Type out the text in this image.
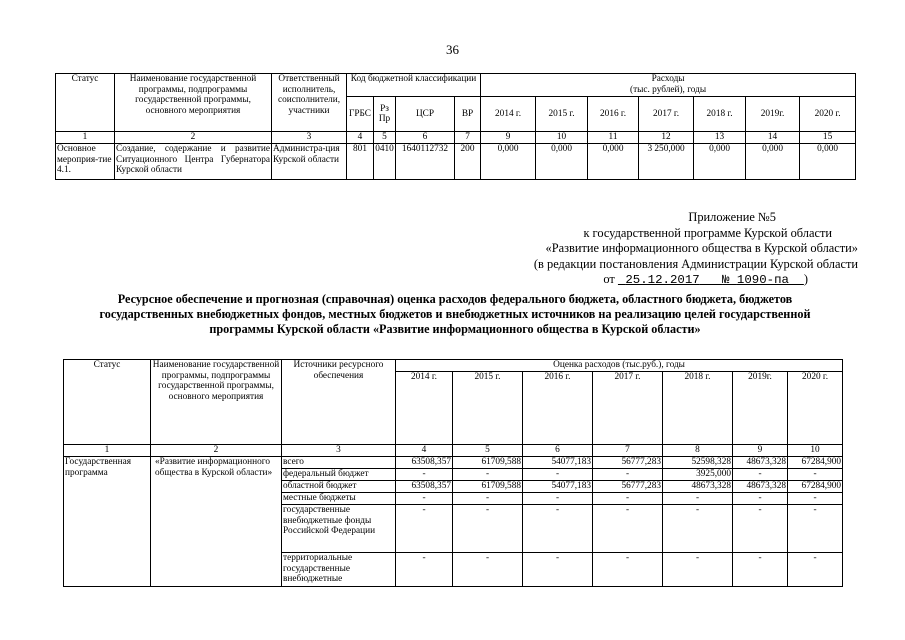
36
Статус	Наименование государственной программы, подпрограммы государственной программы, основного мероприятия	Ответственный исполнитель, соисполнители, участники	Код бюджетной классификации				Расходы
(тыс. рублей), годы						

			ГРБС	Рз Пр	ЦСР	ВР	2014 г.	2015 г.	2016 г.	2017 г.	2018 г.	2019г.	2020 г.
1	2	3	4	5	6	7	9	10	11	12	13	14	15
Основное мероприя-тие 4.1.	Создание, содержание и развитие Ситуационного Центра Губернатора Курской области	Администра-ция Курской области	801	0410	1640112732	200	0,000	0,000	0,000	3 250,000	0,000	0,000	0,000
Приложение №5
к государственной программе Курской области
«Развитие информационного общества в Курской области»
(в редакции постановления Администрации Курской области
от 25.12.2017 № 1090-па )
Ресурсное обеспечение и прогнозная (справочная) оценка расходов федерального бюджета, областного бюджета, бюджетов государственных внебюджетных фондов, местных бюджетов и внебюджетных источников на реализацию целей государственной программы Курской области «Развитие информационного общества в Курской области»
Статус	Наименование государственной программы, подпрограммы государственной программы, основного мероприятия	Источники ресурсного обеспечения	Оценка расходов (тыс.руб.), годы						
			2014 г.	2015 г.	2016 г.	2017 г.	2018 г.	2019г.	2020 г.
1	2	3	4	5	6	7	8	9	10
Государственная программа	«Развитие информационного общества в Курской области»	всего	63508,357	61709,588	54077,183	56777,283	52598,328	48673,328	67284,900
		федеральный бюджет	-	-	-	-	3925,000	-	-
		областной бюджет	63508,357	61709,588	54077,183	56777,283	48673,328	48673,328	67284,900
		местные бюджеты	-	-	-	-	-	-	-
		государственные внебюджетные фонды Российской Федерации	-	-	-	-	-	-	-
		территориальные государственные внебюджетные	-	-	-	-	-	-	-
